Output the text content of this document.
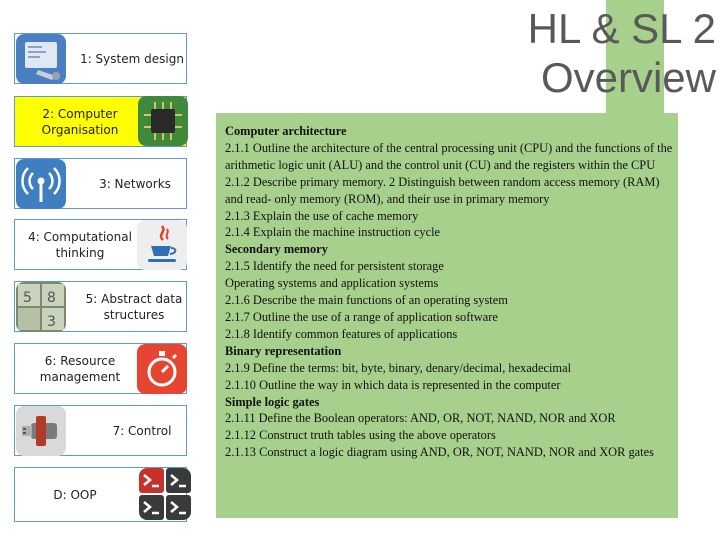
HL & SL 2
Overview
1: System design
2: Computer Organisation
3: Networks
4: Computational thinking
5: Abstract data structures
5 8
3
6: Resource management
7: Control
D: OOP
Computer architecture
2.1.1 Outline the architecture of the central processing unit (CPU) and the functions of the arithmetic logic unit (ALU) and the control unit (CU) and the registers within the CPU
2.1.2 Describe primary memory. 2 Distinguish between random access memory (RAM) and read- only memory (ROM), and their use in primary memory
2.1.3 Explain the use of cache memory
2.1.4 Explain the machine instruction cycle
Secondary memory
2.1.5 Identify the need for persistent storage
Operating systems and application systems
2.1.6 Describe the main functions of an operating system
2.1.7 Outline the use of a range of application software
2.1.8 Identify common features of applications
Binary representation
2.1.9 Define the terms: bit, byte, binary, denary/decimal, hexadecimal
2.1.10 Outline the way in which data is represented in the computer
Simple logic gates
2.1.11 Define the Boolean operators: AND, OR, NOT, NAND, NOR and XOR
2.1.12 Construct truth tables using the above operators
2.1.13 Construct a logic diagram using AND, OR, NOT, NAND, NOR and XOR gates
